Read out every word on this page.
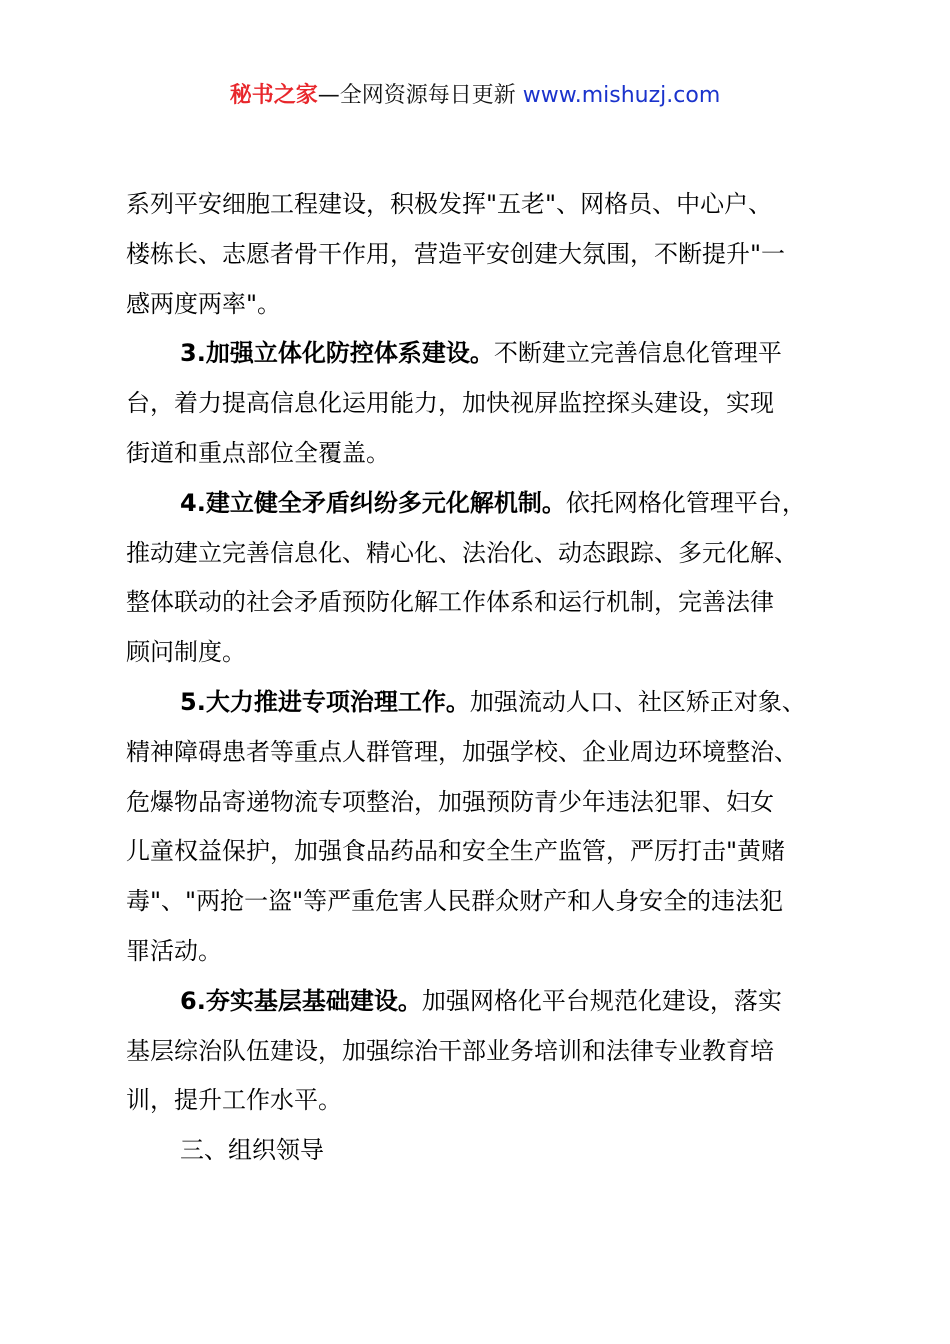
秘书之家—全网资源每日更新 www.mishuzj.com

系列平安细胞工程建设，积极发挥"五老"、网格员、中心户、
楼栋长、志愿者骨干作用，营造平安创建大氛围，不断提升"一
感两度两率"。

3.加强立体化防控体系建设。不断建立完善信息化管理平
台，着力提高信息化运用能力，加快视屏监控探头建设，实现
街道和重点部位全覆盖。

4.建立健全矛盾纠纷多元化解机制。依托网格化管理平台，
推动建立完善信息化、精心化、法治化、动态跟踪、多元化解、
整体联动的社会矛盾预防化解工作体系和运行机制，完善法律
顾问制度。

5.大力推进专项治理工作。加强流动人口、社区矫正对象、
精神障碍患者等重点人群管理，加强学校、企业周边环境整治、
危爆物品寄递物流专项整治，加强预防青少年违法犯罪、妇女
儿童权益保护，加强食品药品和安全生产监管，严厉打击"黄赌
毒"、"两抢一盗"等严重危害人民群众财产和人身安全的违法犯
罪活动。

6.夯实基层基础建设。加强网格化平台规范化建设，落实
基层综治队伍建设，加强综治干部业务培训和法律专业教育培
训，提升工作水平。

三、组织领导
